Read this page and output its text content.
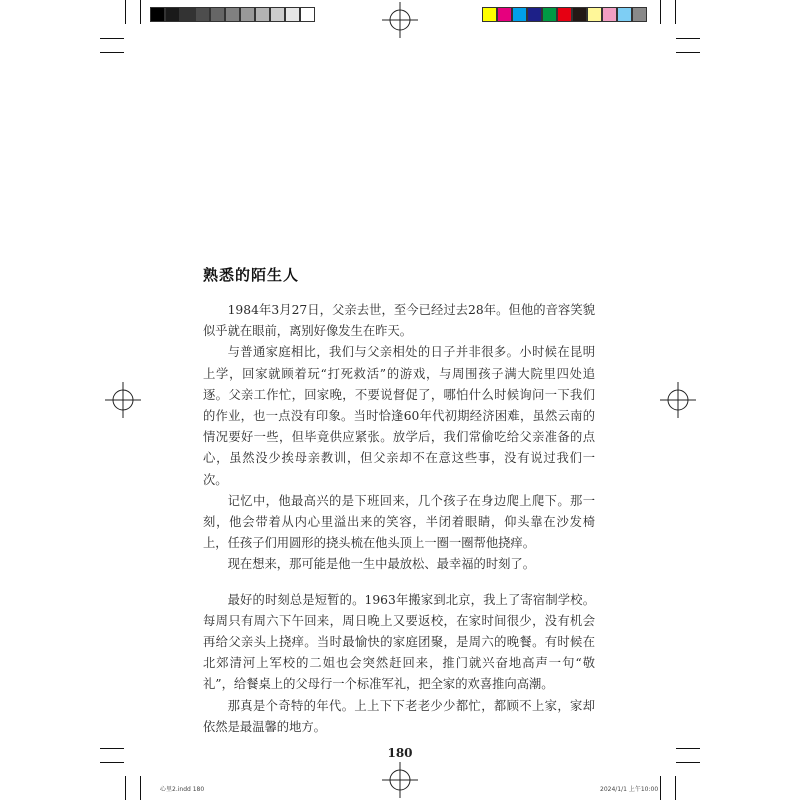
熟悉的陌生人

1984年3月27日，父亲去世，至今已经过去28年。但他的音容笑貌似乎就在眼前，离别好像发生在昨天。

与普通家庭相比，我们与父亲相处的日子并非很多。小时候在昆明上学，回家就顾着玩“打死救活”的游戏，与周围孩子满大院里四处追逐。父亲工作忙，回家晚，不要说督促了，哪怕什么时候询问一下我们的作业，也一点没有印象。当时恰逢60年代初期经济困难，虽然云南的情况要好一些，但毕竟供应紧张。放学后，我们常偷吃给父亲准备的点心，虽然没少挨母亲教训，但父亲却不在意这些事，没有说过我们一次。

记忆中，他最高兴的是下班回来，几个孩子在身边爬上爬下。那一刻，他会带着从内心里溢出来的笑容，半闭着眼睛，仰头靠在沙发椅上，任孩子们用圆形的挠头梳在他头顶上一圈一圈帮他挠痒。

现在想来，那可能是他一生中最放松、最幸福的时刻了。

最好的时刻总是短暂的。1963年搬家到北京，我上了寄宿制学校。每周只有周六下午回来，周日晚上又要返校，在家时间很少，没有机会再给父亲头上挠痒。当时最愉快的家庭团聚，是周六的晚餐。有时候在北郊清河上军校的二姐也会突然赶回来，推门就兴奋地高声一句“敬礼”，给餐桌上的父母行一个标准军礼，把全家的欢喜推向高潮。

那真是个奇特的年代。上上下下老老少少都忙，都顾不上家，家却依然是最温馨的地方。

180
心里2.indd 180	2024/1/1 上午10:00
